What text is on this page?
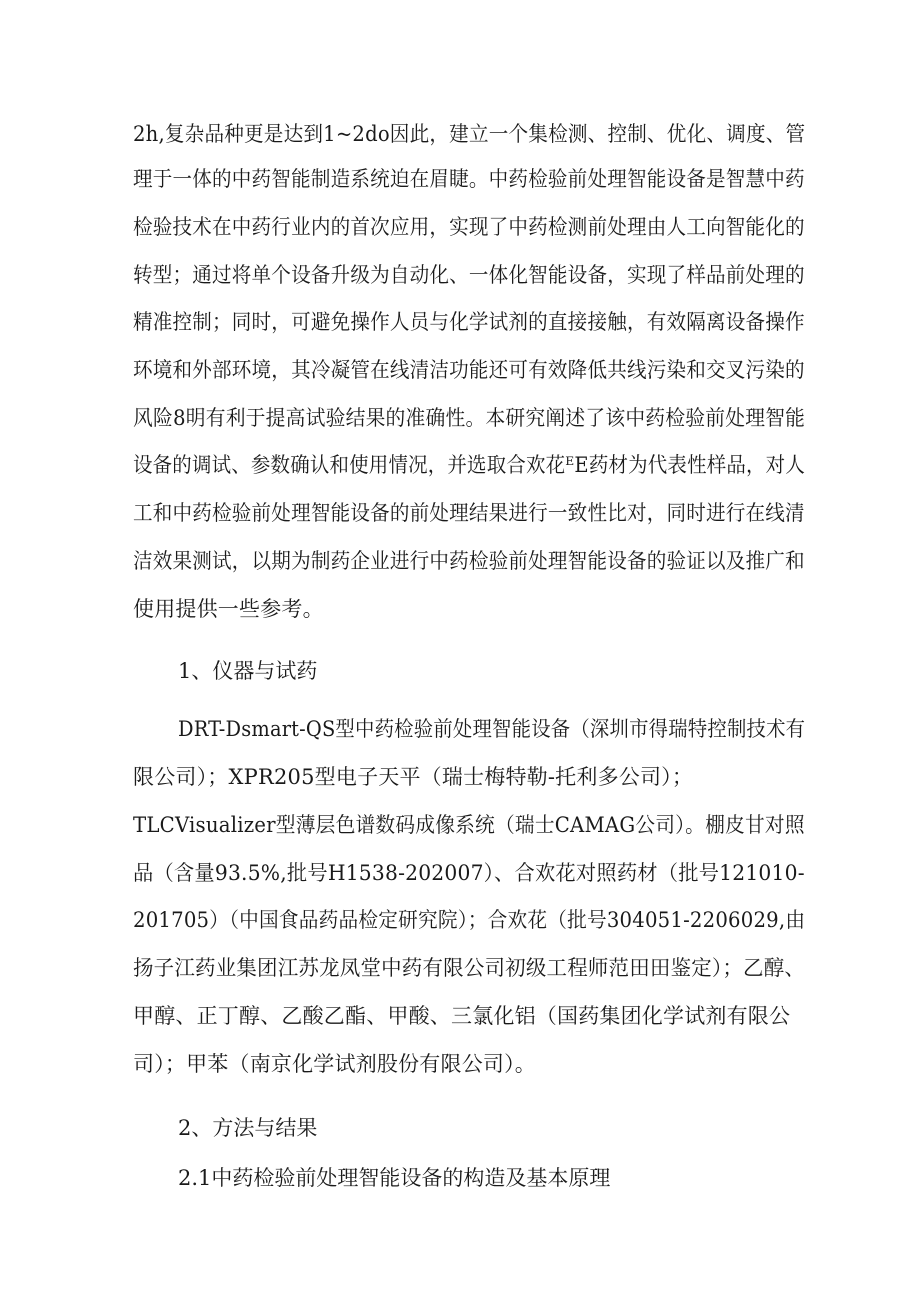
2h,复杂品种更是达到1~2do因此，建立一个集检测、控制、优化、调度、管
理于一体的中药智能制造系统迫在眉睫。中药检验前处理智能设备是智慧中药
检验技术在中药行业内的首次应用，实现了中药检测前处理由人工向智能化的
转型；通过将单个设备升级为自动化、一体化智能设备，实现了样品前处理的
精准控制；同时，可避免操作人员与化学试剂的直接接触，有效隔离设备操作
环境和外部环境，其冷凝管在线清洁功能还可有效降低共线污染和交叉污染的
风险8明有利于提高试验结果的准确性。本研究阐述了该中药检验前处理智能
设备的调试、参数确认和使用情况，并选取合欢花ᴱE药材为代表性样品，对人
工和中药检验前处理智能设备的前处理结果进行一致性比对，同时进行在线清
洁效果测试，以期为制药企业进行中药检验前处理智能设备的验证以及推广和
使用提供一些参考。
1、仪器与试药
DRT-Dsmart-QS型中药检验前处理智能设备（深圳市得瑞特控制技术有
限公司）；XPR205型电子天平（瑞士梅特勒-托利多公司）；
TLCVisualizer型薄层色谱数码成像系统（瑞士CAMAG公司）。棚皮甘对照
品（含量93.5%,批号H1538-202007）、合欢花对照药材（批号121010-
201705）（中国食品药品检定研究院）；合欢花（批号304051-2206029,由
扬子江药业集团江苏龙凤堂中药有限公司初级工程师范田田鉴定）；乙醇、
甲醇、正丁醇、乙酸乙酯、甲酸、三氯化铝（国药集团化学试剂有限公
司）；甲苯（南京化学试剂股份有限公司）。
2、方法与结果
2.1中药检验前处理智能设备的构造及基本原理
